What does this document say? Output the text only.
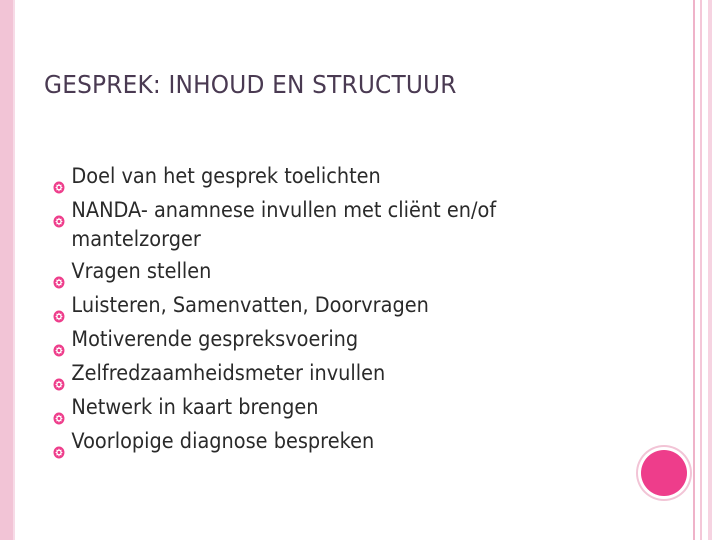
GESPREK: INHOUD EN STRUCTUUR
Doel van het gesprek toelichten
NANDA- anamnese invullen met cliënt en/of
mantelzorger
Vragen stellen
Luisteren, Samenvatten, Doorvragen
Motiverende gespreksvoering
Zelfredzaamheidsmeter invullen
Netwerk in kaart brengen
Voorlopige diagnose bespreken
